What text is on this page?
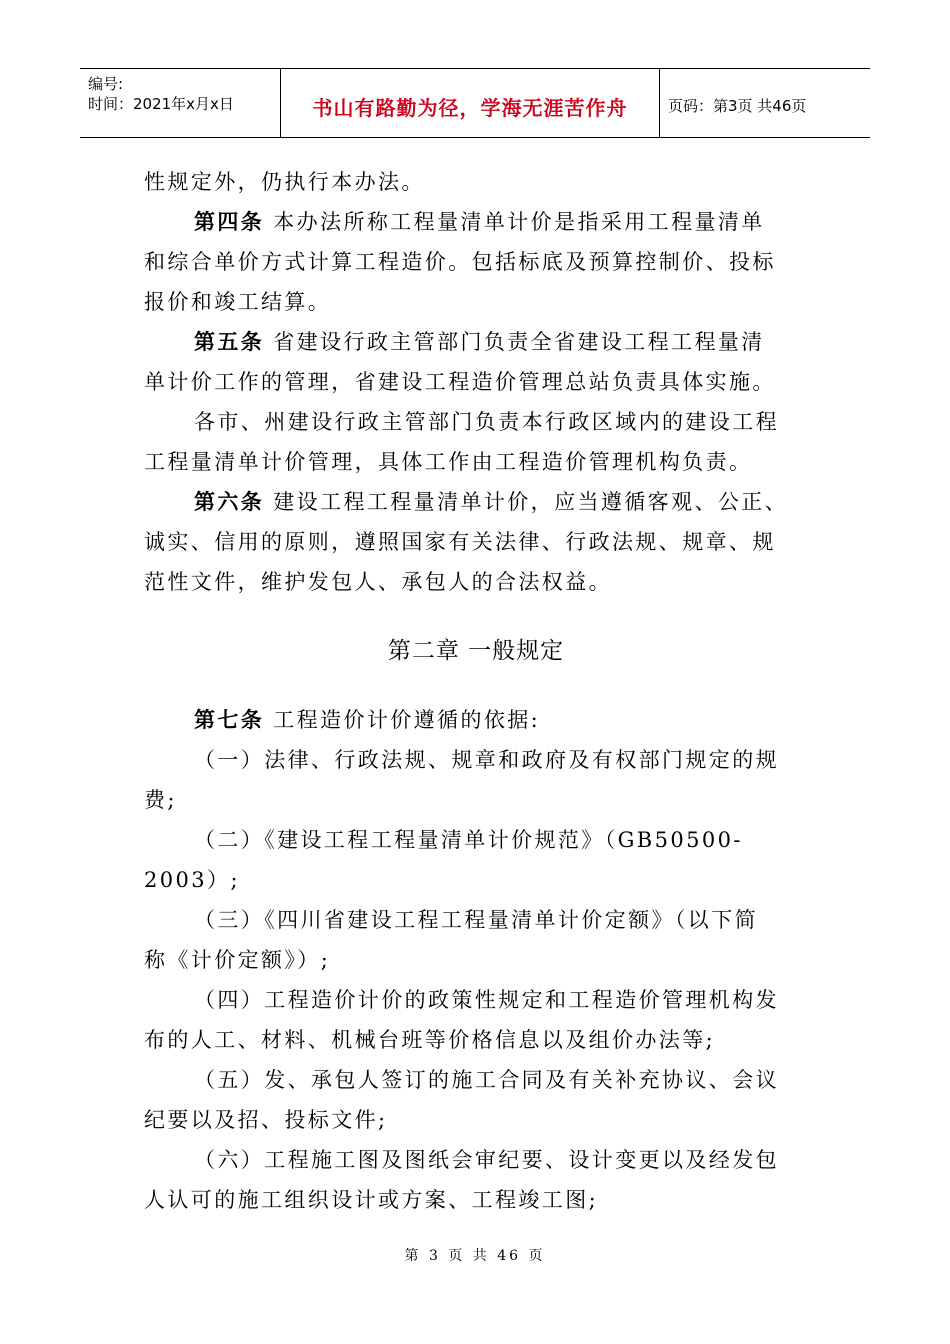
编号:
时间：2021年x月x日	书山有路勤为径，学海无涯苦作舟	页码：第3页 共46页
性规定外，仍执行本办法。
第四条 本办法所称工程量清单计价是指采用工程量清单
和综合单价方式计算工程造价。包括标底及预算控制价、投标
报价和竣工结算。
第五条 省建设行政主管部门负责全省建设工程工程量清
单计价工作的管理，省建设工程造价管理总站负责具体实施。
各市、州建设行政主管部门负责本行政区域内的建设工程
工程量清单计价管理，具体工作由工程造价管理机构负责。
第六条 建设工程工程量清单计价，应当遵循客观、公正、
诚实、信用的原则，遵照国家有关法律、行政法规、规章、规
范性文件，维护发包人、承包人的合法权益。
第二章 一般规定
第七条 工程造价计价遵循的依据:
（一）法律、行政法规、规章和政府及有权部门规定的规
费;
（二）《建设工程工程量清单计价规范》（GB50500-
2003）;
（三）《四川省建设工程工程量清单计价定额》（以下简
称《计价定额》）;
（四）工程造价计价的政策性规定和工程造价管理机构发
布的人工、材料、机械台班等价格信息以及组价办法等;
（五）发、承包人签订的施工合同及有关补充协议、会议
纪要以及招、投标文件;
（六）工程施工图及图纸会审纪要、设计变更以及经发包
人认可的施工组织设计或方案、工程竣工图;
第 3 页 共 46 页
